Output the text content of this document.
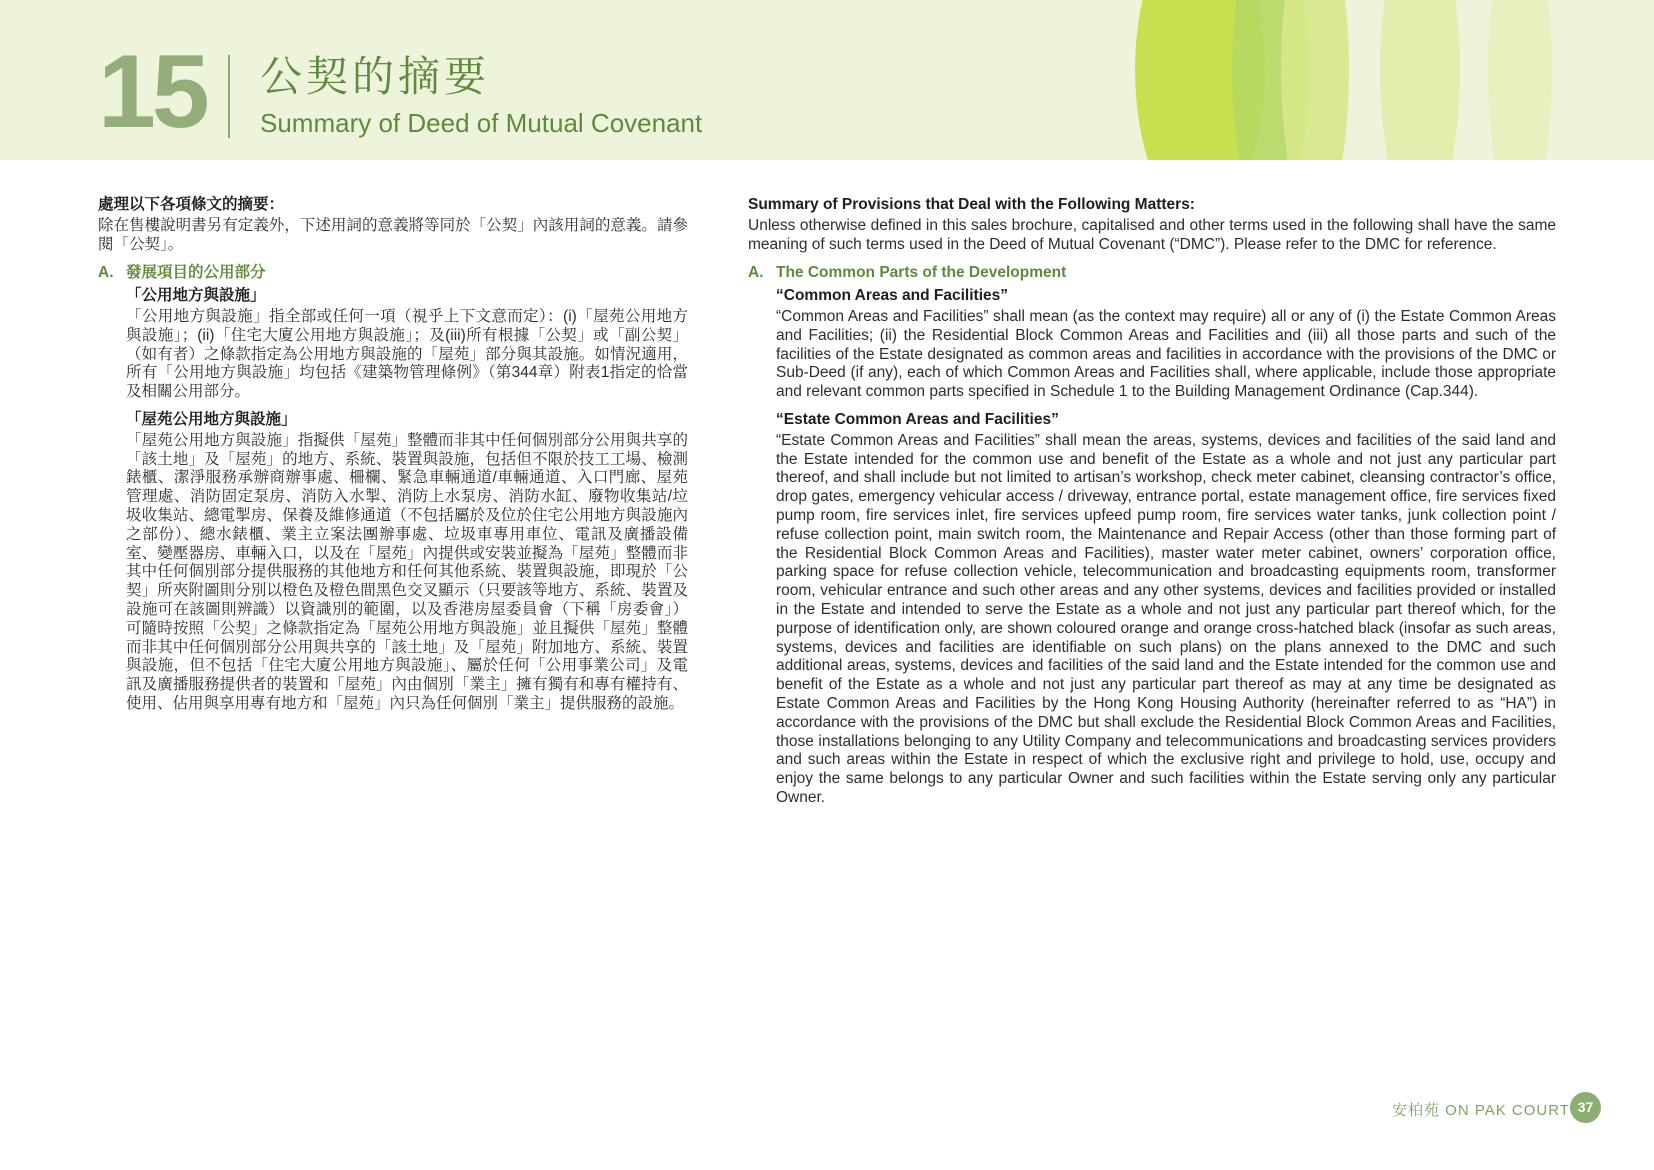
15 公契的摘要
Summary of Deed of Mutual Covenant

處理以下各項條文的摘要：

除在售樓說明書另有定義外，下述用詞的意義將等同於「公契」內該用詞的意義。請參閱「公契」。

A. 發展項目的公用部分

「公用地方與設施」

「公用地方與設施」指全部或任何一項（視乎上下文意而定）：(i)「屋苑公用地方與設施」；(ii)「住宅大廈公用地方與設施」；及(iii)所有根據「公契」或「副公契」（如有者）之條款指定為公用地方與設施的「屋苑」部分與其設施。如情況適用，所有「公用地方與設施」均包括《建築物管理條例》（第344章）附表1指定的恰當及相關公用部分。

「屋苑公用地方與設施」

「屋苑公用地方與設施」指擬供「屋苑」整體而非其中任何個別部分公用與共享的「該土地」及「屋苑」的地方、系統、裝置與設施，包括但不限於技工工場、檢測錶櫃、潔淨服務承辦商辦事處、柵欄、緊急車輛通道/車輛通道、入口門廊、屋苑管理處、消防固定泵房、消防入水掣、消防上水泵房、消防水缸、廢物收集站/垃圾收集站、總電掣房、保養及維修通道（不包括屬於及位於住宅公用地方與設施內之部份）、總水錶櫃、業主立案法團辦事處、垃圾車專用車位、電訊及廣播設備室、變壓器房、車輛入口，以及在「屋苑」內提供或安裝並擬為「屋苑」整體而非其中任何個別部分提供服務的其他地方和任何其他系統、裝置與設施，即現於「公契」所夾附圖則分別以橙色及橙色間黑色交叉顯示（只要該等地方、系統、裝置及設施可在該圖則辨識）以資識別的範圍，以及香港房屋委員會（下稱「房委會」）可隨時按照「公契」之條款指定為「屋苑公用地方與設施」並且擬供「屋苑」整體而非其中任何個別部分公用與共享的「該土地」及「屋苑」附加地方、系統、裝置與設施，但不包括「住宅大廈公用地方與設施」、屬於任何「公用事業公司」及電訊及廣播服務提供者的裝置和「屋苑」內由個別「業主」擁有獨有和專有權持有、使用、佔用與享用專有地方和「屋苑」內只為任何個別「業主」提供服務的設施。

Summary of Provisions that Deal with the Following Matters:

Unless otherwise defined in this sales brochure, capitalised and other terms used in the following shall have the same meaning of such terms used in the Deed of Mutual Covenant (“DMC”). Please refer to the DMC for reference.

A. The Common Parts of the Development

“Common Areas and Facilities”

“Common Areas and Facilities” shall mean (as the context may require) all or any of (i) the Estate Common Areas and Facilities; (ii) the Residential Block Common Areas and Facilities and (iii) all those parts and such of the facilities of the Estate designated as common areas and facilities in accordance with the provisions of the DMC or Sub-Deed (if any), each of which Common Areas and Facilities shall, where applicable, include those appropriate and relevant common parts specified in Schedule 1 to the Building Management Ordinance (Cap.344).

“Estate Common Areas and Facilities”

“Estate Common Areas and Facilities” shall mean the areas, systems, devices and facilities of the said land and the Estate intended for the common use and benefit of the Estate as a whole and not just any particular part thereof, and shall include but not limited to artisan’s workshop, check meter cabinet, cleansing contractor’s office, drop gates, emergency vehicular access / driveway, entrance portal, estate management office, fire services fixed pump room, fire services inlet, fire services upfeed pump room, fire services water tanks, junk collection point / refuse collection point, main switch room, the Maintenance and Repair Access (other than those forming part of the Residential Block Common Areas and Facilities), master water meter cabinet, owners’ corporation office, parking space for refuse collection vehicle, telecommunication and broadcasting equipments room, transformer room, vehicular entrance and such other areas and any other systems, devices and facilities provided or installed in the Estate and intended to serve the Estate as a whole and not just any particular part thereof which, for the purpose of identification only, are shown coloured orange and orange cross-hatched black (insofar as such areas, systems, devices and facilities are identifiable on such plans) on the plans annexed to the DMC and such additional areas, systems, devices and facilities of the said land and the Estate intended for the common use and benefit of the Estate as a whole and not just any particular part thereof as may at any time be designated as Estate Common Areas and Facilities by the Hong Kong Housing Authority (hereinafter referred to as “HA”) in accordance with the provisions of the DMC but shall exclude the Residential Block Common Areas and Facilities, those installations belonging to any Utility Company and telecommunications and broadcasting services providers and such areas within the Estate in respect of which the exclusive right and privilege to hold, use, occupy and enjoy the same belongs to any particular Owner and such facilities within the Estate serving only any particular Owner.

安柏苑 ON PAK COURT 37
